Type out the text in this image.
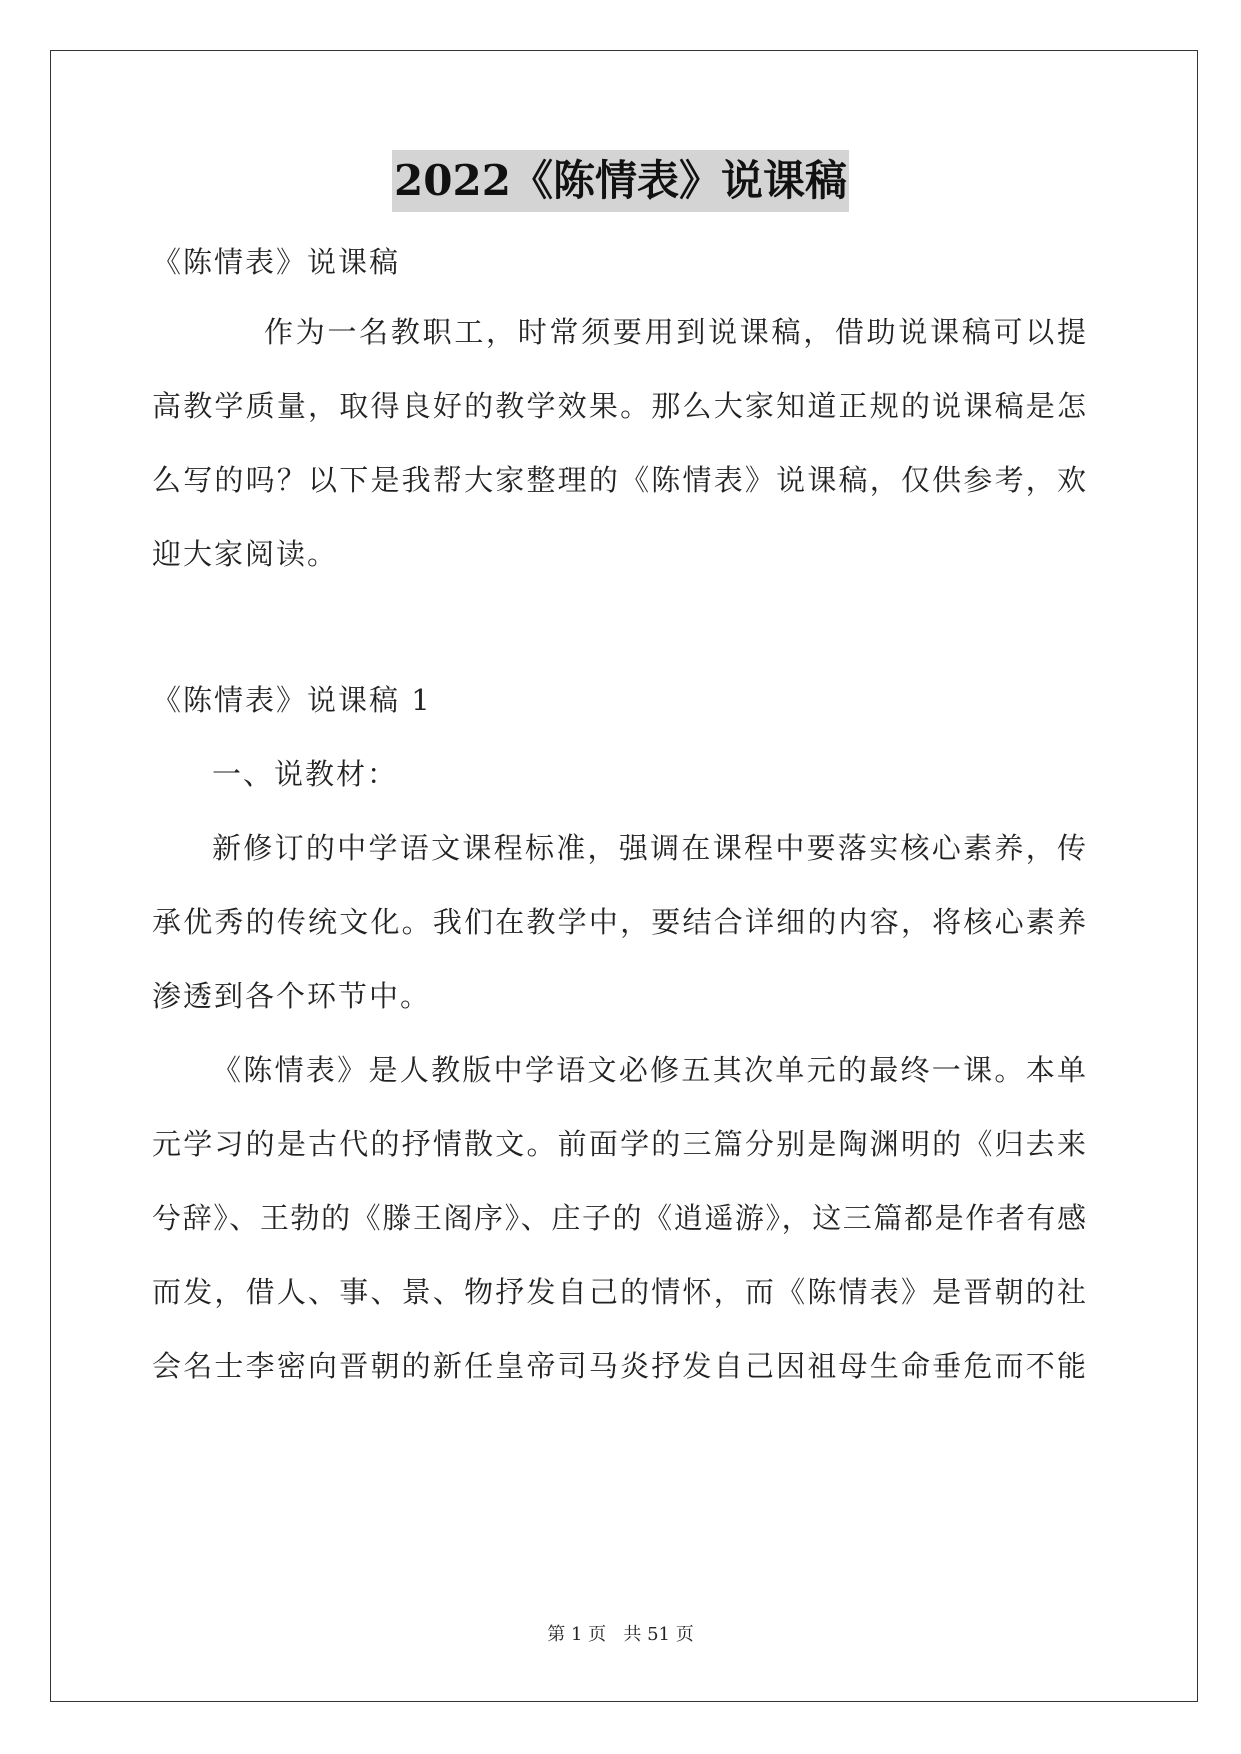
2022《陈情表》说课稿
《陈情表》说课稿
作为一名教职工，时常须要用到说课稿，借助说课稿可以提
高教学质量，取得良好的教学效果。那么大家知道正规的说课稿是怎
么写的吗？以下是我帮大家整理的《陈情表》说课稿，仅供参考，欢
迎大家阅读。
《陈情表》说课稿 1
一、说教材：
新修订的中学语文课程标准，强调在课程中要落实核心素养，传
承优秀的传统文化。我们在教学中，要结合详细的内容，将核心素养
渗透到各个环节中。
《陈情表》是人教版中学语文必修五其次单元的最终一课。本单
元学习的是古代的抒情散文。前面学的三篇分别是陶渊明的《归去来
兮辞》、王勃的《滕王阁序》、庄子的《逍遥游》，这三篇都是作者有感
而发，借人、事、景、物抒发自己的情怀，而《陈情表》是晋朝的社
会名士李密向晋朝的新任皇帝司马炎抒发自己因祖母生命垂危而不能
第 1 页 共 51 页
